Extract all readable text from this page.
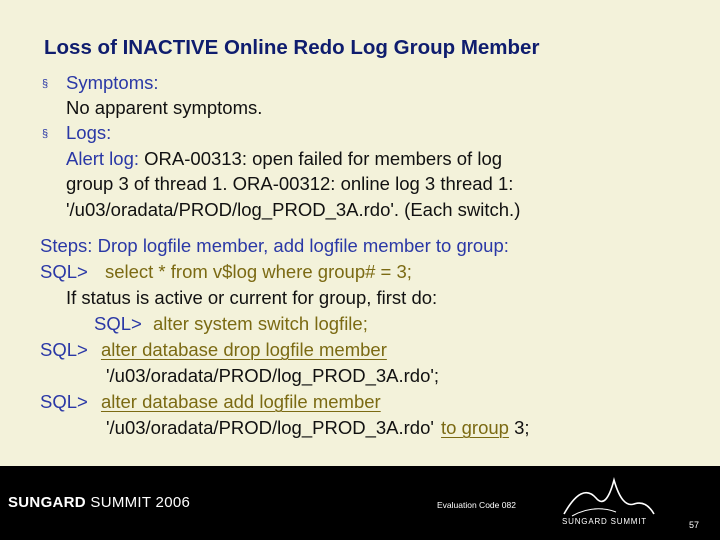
Loss of INACTIVE Online Redo Log Group Member
§ Symptoms:
No apparent symptoms.
§ Logs:
Alert log: ORA-00313: open failed for members of log
group 3 of thread 1. ORA-00312: online log 3 thread 1:
'/u03/oradata/PROD/log_PROD_3A.rdo'. (Each switch.)
Steps: Drop logfile member, add logfile member to group:
SQL> select * from v$log where group# = 3;
If status is active or current for group, first do:
SQL> alter system switch logfile;
SQL> alter database drop logfile member
'/u03/oradata/PROD/log_PROD_3A.rdo';
SQL> alter database add logfile member
'/u03/oradata/PROD/log_PROD_3A.rdo' to group 3;
SUNGARD SUMMIT 2006	Evaluation Code 082
SUNGARD SUMMIT	57
